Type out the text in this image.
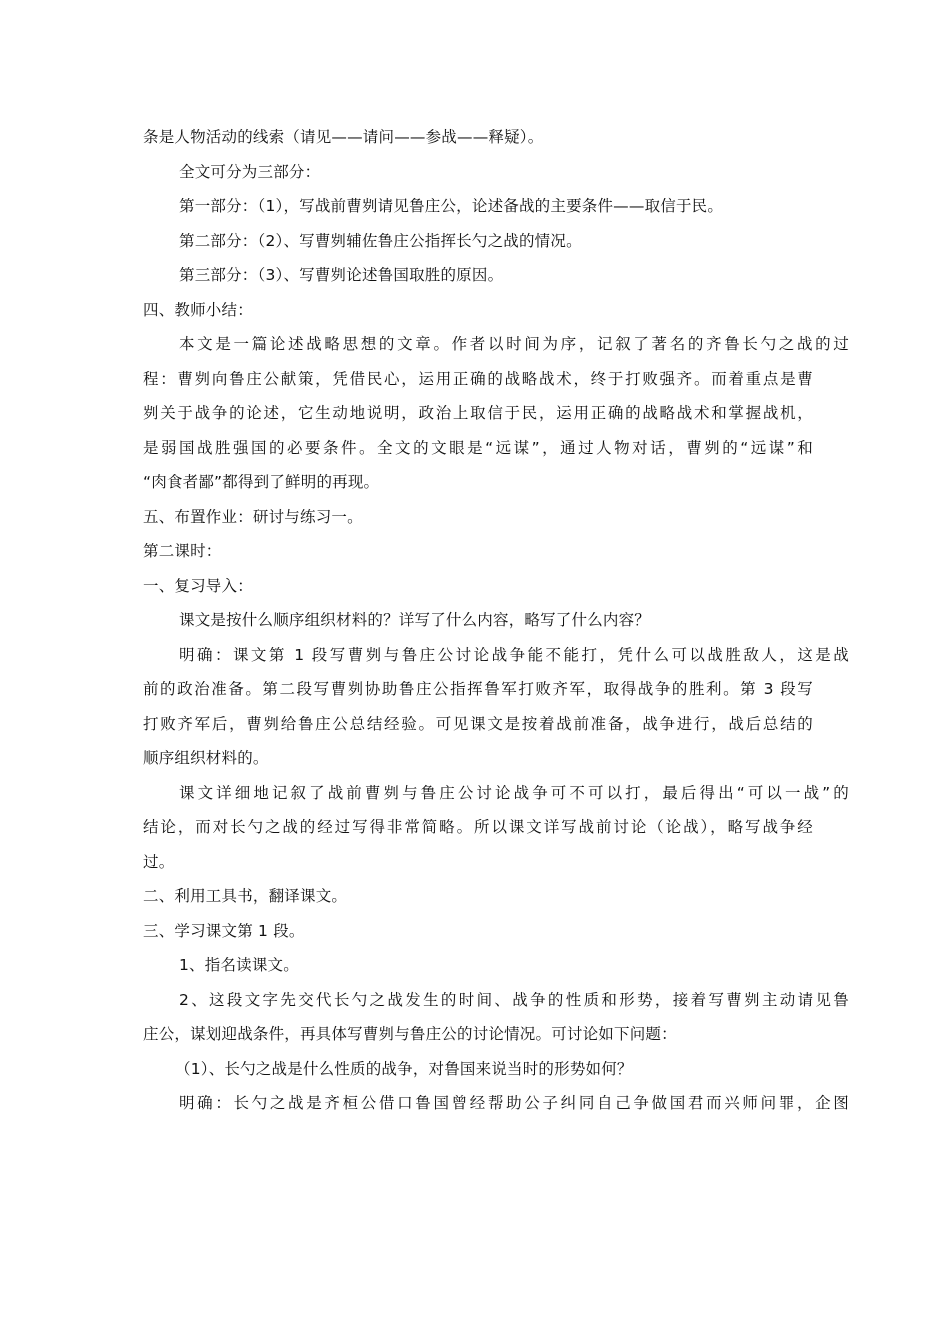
条是人物活动的线索（请见——请问——参战——释疑）。

全文可分为三部分：

第一部分：（1），写战前曹刿请见鲁庄公，论述备战的主要条件——取信于民。

第二部分：（2）、写曹刿辅佐鲁庄公指挥长勺之战的情况。

第三部分：（3）、写曹刿论述鲁国取胜的原因。

四、教师小结：

本文是一篇论述战略思想的文章。作者以时间为序，记叙了著名的齐鲁长勺之战的过

程：曹刿向鲁庄公献策，凭借民心，运用正确的战略战术，终于打败强齐。而着重点是曹

刿关于战争的论述，它生动地说明，政治上取信于民，运用正确的战略战术和掌握战机，

是弱国战胜强国的必要条件。全文的文眼是“远谋”，通过人物对话，曹刿的“远谋”和

“肉食者鄙”都得到了鲜明的再现。

五、布置作业：研讨与练习一。

第二课时：

一、复习导入：

课文是按什么顺序组织材料的？详写了什么内容，略写了什么内容？

明确：课文第 1 段写曹刿与鲁庄公讨论战争能不能打，凭什么可以战胜敌人，这是战

前的政治准备。第二段写曹刿协助鲁庄公指挥鲁军打败齐军，取得战争的胜利。第 3 段写

打败齐军后，曹刿给鲁庄公总结经验。可见课文是按着战前准备，战争进行，战后总结的

顺序组织材料的。

课文详细地记叙了战前曹刿与鲁庄公讨论战争可不可以打，最后得出“可以一战”的

结论，而对长勺之战的经过写得非常简略。所以课文详写战前讨论（论战），略写战争经

过。

二、利用工具书，翻译课文。

三、学习课文第 1 段。

1、指名读课文。

2、这段文字先交代长勺之战发生的时间、战争的性质和形势，接着写曹刿主动请见鲁

庄公，谋划迎战条件，再具体写曹刿与鲁庄公的讨论情况。可讨论如下问题：

（1）、长勺之战是什么性质的战争，对鲁国来说当时的形势如何？

明确：长勺之战是齐桓公借口鲁国曾经帮助公子纠同自己争做国君而兴师问罪，企图
